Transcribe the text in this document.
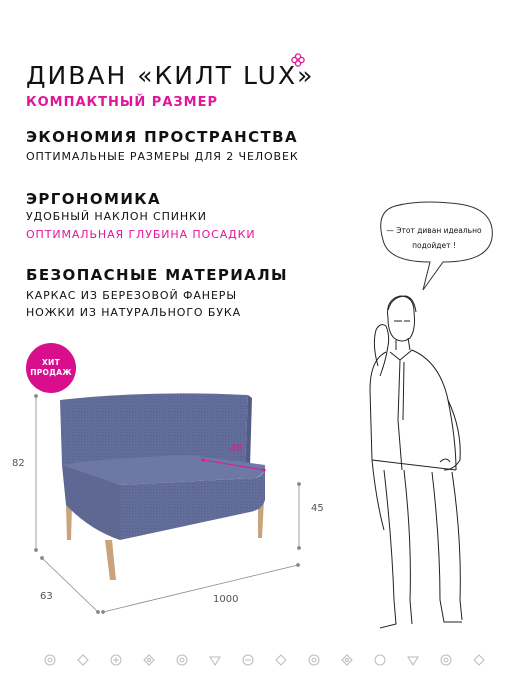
ДИВАН «КИЛТ LUX»
КОМПАКТНЫЙ РАЗМЕР
ЭКОНОМИЯ ПРОСТРАНСТВА
ОПТИМАЛЬНЫЕ РАЗМЕРЫ ДЛЯ 2 ЧЕЛОВЕК
ЭРГОНОМИКА
УДОБНЫЙ НАКЛОН СПИНКИ
ОПТИМАЛЬНАЯ ГЛУБИНА ПОСАДКИ
БЕЗОПАСНЫЕ МАТЕРИАЛЫ
КАРКАС ИЗ БЕРЕЗОВОЙ ФАНЕРЫ
НОЖКИ ИЗ НАТУРАЛЬНОГО БУКА
ХИТ
ПРОДАЖ
82
63	1000
45
46
— Этот диван идеально
подойдет !
